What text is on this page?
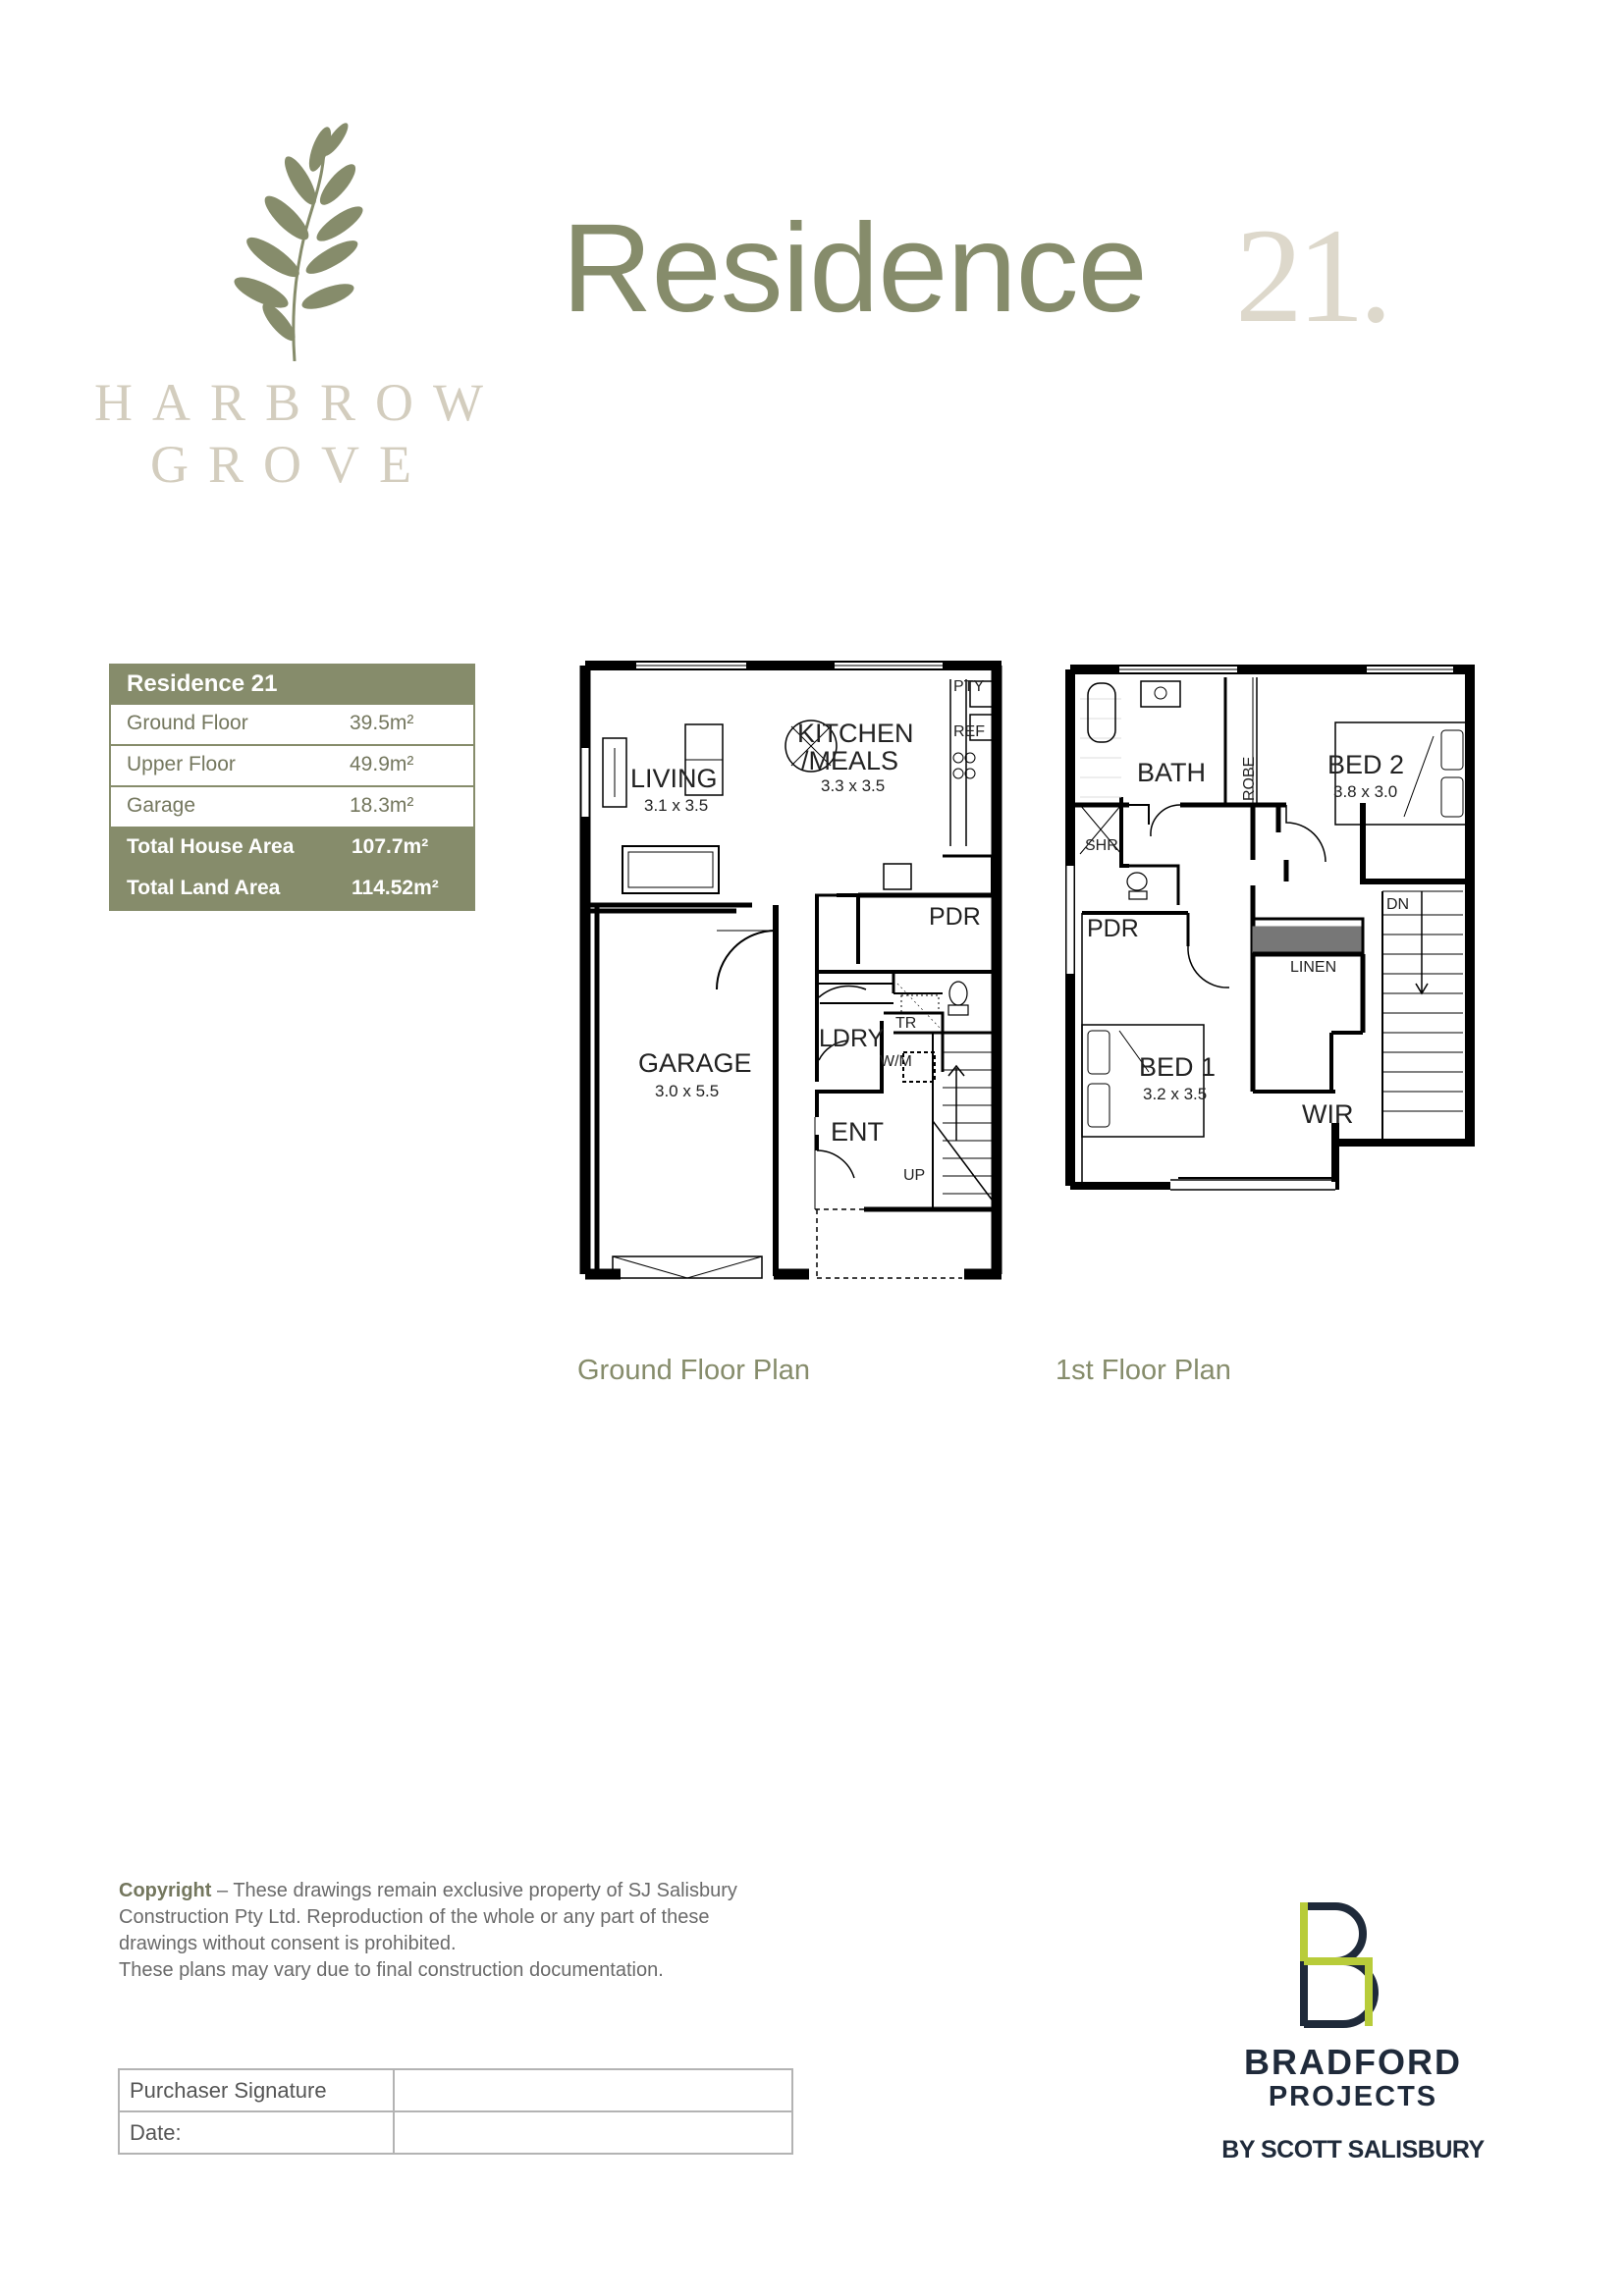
HARBROW
GROVE
Residence 21.
Residence 21
Ground Floor	39.5m²
Upper Floor	49.9m²
Garage	18.3m²
Total House Area	107.7m²
Total Land Area	114.52m²
LIVING
3.1 x 3.5
KITCHEN
/MEALS
3.3 x 3.5
PTY
REF
PDR
GARAGE
3.0 x 5.5
LDRY
TR
W/M
ENT
UP
BATH ROBE	BED 2
3.8 x 3.0
SHR
PDR
DN
LINEN
BED 1
3.2 x 3.5
WIR
Ground Floor Plan	1st Floor Plan
Copyright – These drawings remain exclusive property of SJ Salisbury Construction Pty Ltd. Reproduction of the whole or any part of these drawings without consent is prohibited.
These plans may vary due to final construction documentation.
Purchaser Signature
Date:
BRADFORD
PROJECTS
BY SCOTT SALISBURY
